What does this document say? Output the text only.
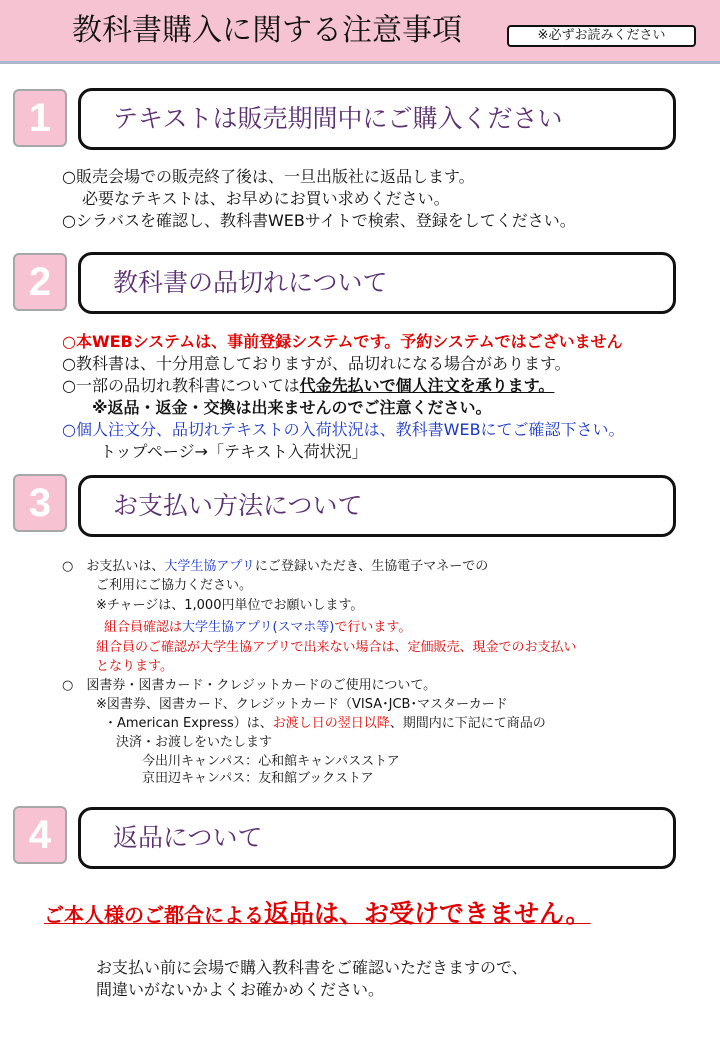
教科書購入に関する注意事項	※必ずお読みください
1	テキストは販売期間中にご購入ください
○販売会場での販売終了後は、一旦出版社に返品します。
必要なテキストは、お早めにお買い求めください。
○シラバスを確認し、教科書WEBサイトで検索、登録をしてください。
2	教科書の品切れについて
○本WEBシステムは、事前登録システムです。予約システムではございません
○教科書は、十分用意しておりますが、品切れになる場合があります。
○一部の品切れ教科書については代金先払いで個人注文を承ります。
※返品・返金・交換は出来ませんのでご注意ください。
○個人注文分、品切れテキストの入荷状況は、教科書WEBにてご確認下さい。
トップページ→「テキスト入荷状況」
3	お支払い方法について
○　お支払いは、大学生協アプリにご登録いただき、生協電子マネーでの
ご利用にご協力ください。
※チャージは、1,000円単位でお願いします。
組合員確認は大学生協アプリ(スマホ等)で行います。
組合員のご確認が大学生協アプリで出来ない場合は、定価販売、現金でのお支払い
となります。
○　図書券・図書カード・クレジットカードのご使用について。
※図書券、図書カード、クレジットカード（VISA･JCB･マスターカード
・American Express）は、お渡し日の翌日以降、期間内に下記にて商品の
決済・お渡しをいたします
今出川キャンパス：心和館キャンパスストア
京田辺キャンパス：友和館ブックストア
4	返品について
ご本人様のご都合による返品は、お受けできません。
お支払い前に会場で購入教科書をご確認いただきますので、
間違いがないかよくお確かめください。
